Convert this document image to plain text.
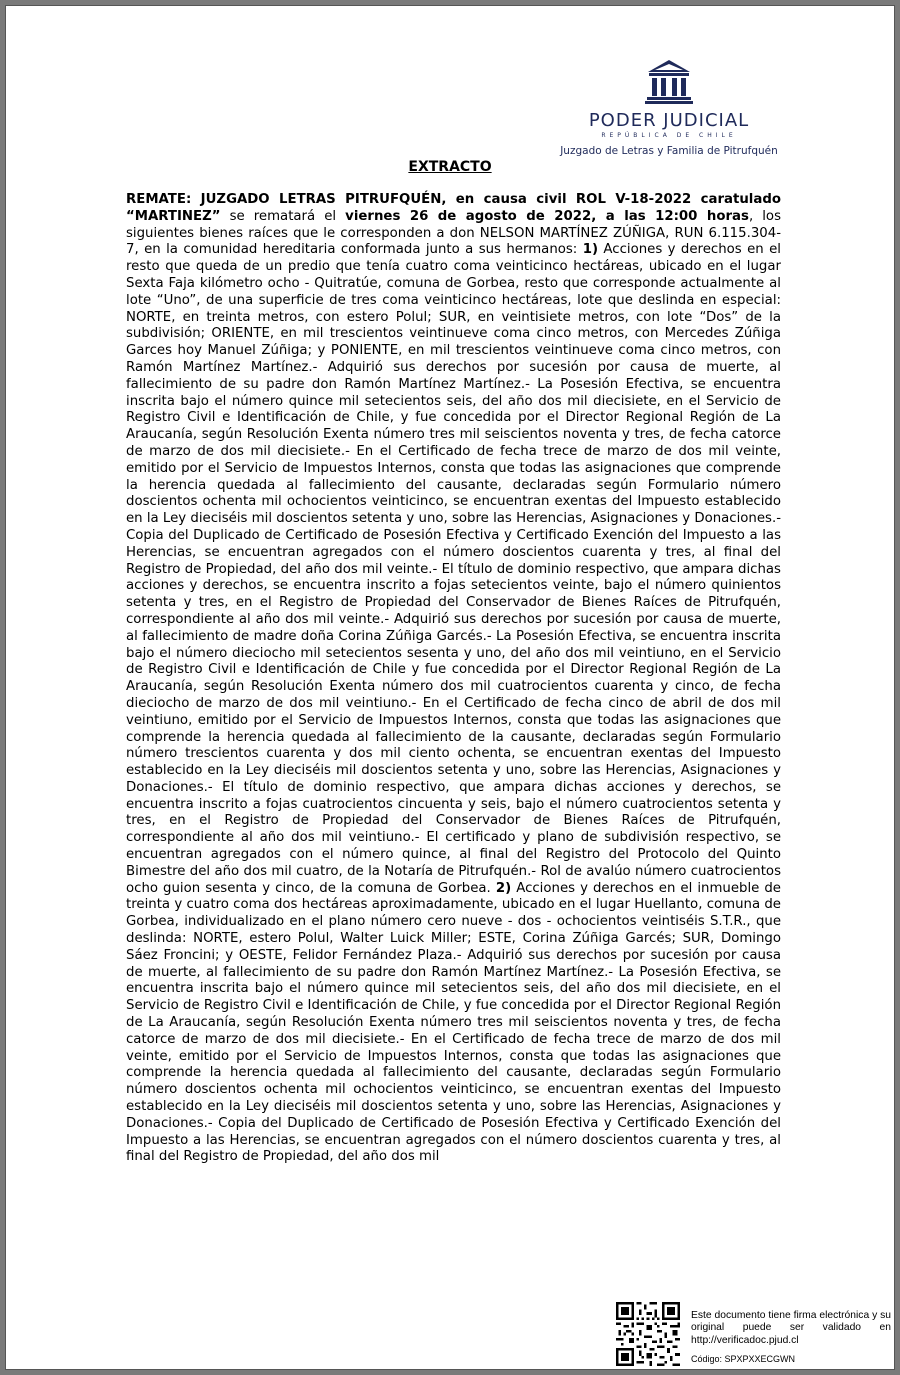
PODER JUDICIAL
REPÚBLICA DE CHILE
Juzgado de Letras y Familia de Pitrufquén
EXTRACTO

REMATE: JUZGADO LETRAS PITRUFQUÉN, en causa civil ROL V-18-2022 caratulado “MARTINEZ” se rematará el viernes 26 de agosto de 2022, a las 12:00 horas, los siguientes bienes raíces que le corresponden a don NELSON MARTÍNEZ ZÚÑIGA, RUN 6.115.304-7, en la comunidad hereditaria conformada junto a sus hermanos: 1) Acciones y derechos en el resto que queda de un predio que tenía cuatro coma veinticinco hectáreas, ubicado en el lugar Sexta Faja kilómetro ocho - Quitratúe, comuna de Gorbea, resto que corresponde actualmente al lote “Uno”, de una superficie de tres coma veinticinco hectáreas, lote que deslinda en especial: NORTE, en treinta metros, con estero Polul; SUR, en veintisiete metros, con lote “Dos” de la subdivisión; ORIENTE, en mil trescientos veintinueve coma cinco metros, con Mercedes Zúñiga Garces hoy Manuel Zúñiga; y PONIENTE, en mil trescientos veintinueve coma cinco metros, con Ramón Martínez Martínez.- Adquirió sus derechos por sucesión por causa de muerte, al fallecimiento de su padre don Ramón Martínez Martínez.- La Posesión Efectiva, se encuentra inscrita bajo el número quince mil setecientos seis, del año dos mil diecisiete, en el Servicio de Registro Civil e Identificación de Chile, y fue concedida por el Director Regional Región de La Araucanía, según Resolución Exenta número tres mil seiscientos noventa y tres, de fecha catorce de marzo de dos mil diecisiete.- En el Certificado de fecha trece de marzo de dos mil veinte, emitido por el Servicio de Impuestos Internos, consta que todas las asignaciones que comprende la herencia quedada al fallecimiento del causante, declaradas según Formulario número doscientos ochenta mil ochocientos veinticinco, se encuentran exentas del Impuesto establecido en la Ley dieciséis mil doscientos setenta y uno, sobre las Herencias, Asignaciones y Donaciones.- Copia del Duplicado de Certificado de Posesión Efectiva y Certificado Exención del Impuesto a las Herencias, se encuentran agregados con el número doscientos cuarenta y tres, al final del Registro de Propiedad, del año dos mil veinte.- El título de dominio respectivo, que ampara dichas acciones y derechos, se encuentra inscrito a fojas setecientos veinte, bajo el número quinientos setenta y tres, en el Registro de Propiedad del Conservador de Bienes Raíces de Pitrufquén, correspondiente al año dos mil veinte.- Adquirió sus derechos por sucesión por causa de muerte, al fallecimiento de madre doña Corina Zúñiga Garcés.- La Posesión Efectiva, se encuentra inscrita bajo el número dieciocho mil setecientos sesenta y uno, del año dos mil veintiuno, en el Servicio de Registro Civil e Identificación de Chile y fue concedida por el Director Regional Región de La Araucanía, según Resolución Exenta número dos mil cuatrocientos cuarenta y cinco, de fecha dieciocho de marzo de dos mil veintiuno.- En el Certificado de fecha cinco de abril de dos mil veintiuno, emitido por el Servicio de Impuestos Internos, consta que todas las asignaciones que comprende la herencia quedada al fallecimiento de la causante, declaradas según Formulario número trescientos cuarenta y dos mil ciento ochenta, se encuentran exentas del Impuesto establecido en la Ley dieciséis mil doscientos setenta y uno, sobre las Herencias, Asignaciones y Donaciones.- El título de dominio respectivo, que ampara dichas acciones y derechos, se encuentra inscrito a fojas cuatrocientos cincuenta y seis, bajo el número cuatrocientos setenta y tres, en el Registro de Propiedad del Conservador de Bienes Raíces de Pitrufquén, correspondiente al año dos mil veintiuno.- El certificado y plano de subdivisión respectivo, se encuentran agregados con el número quince, al final del Registro del Protocolo del Quinto Bimestre del año dos mil cuatro, de la Notaría de Pitrufquén.- Rol de avalúo número cuatrocientos ocho guion sesenta y cinco, de la comuna de Gorbea. 2) Acciones y derechos en el inmueble de treinta y cuatro coma dos hectáreas aproximadamente, ubicado en el lugar Huellanto, comuna de Gorbea, individualizado en el plano número cero nueve - dos - ochocientos veintiséis S.T.R., que deslinda: NORTE, estero Polul, Walter Luick Miller; ESTE, Corina Zúñiga Garcés; SUR, Domingo Sáez Froncini; y OESTE, Felidor Fernández Plaza.- Adquirió sus derechos por sucesión por causa de muerte, al fallecimiento de su padre don Ramón Martínez Martínez.- La Posesión Efectiva, se encuentra inscrita bajo el número quince mil setecientos seis, del año dos mil diecisiete, en el Servicio de Registro Civil e Identificación de Chile, y fue concedida por el Director Regional Región de La Araucanía, según Resolución Exenta número tres mil seiscientos noventa y tres, de fecha catorce de marzo de dos mil diecisiete.- En el Certificado de fecha trece de marzo de dos mil veinte, emitido por el Servicio de Impuestos Internos, consta que todas las asignaciones que comprende la herencia quedada al fallecimiento del causante, declaradas según Formulario número doscientos ochenta mil ochocientos veinticinco, se encuentran exentas del Impuesto establecido en la Ley dieciséis mil doscientos setenta y uno, sobre las Herencias, Asignaciones y Donaciones.- Copia del Duplicado de Certificado de Posesión Efectiva y Certificado Exención del Impuesto a las Herencias, se encuentran agregados con el número doscientos cuarenta y tres, al final del Registro de Propiedad, del año dos mil

Este documento tiene firma electrónica y su original puede ser validado en http://verificadoc.pjud.cl
Código: SPXPXXECGWN
